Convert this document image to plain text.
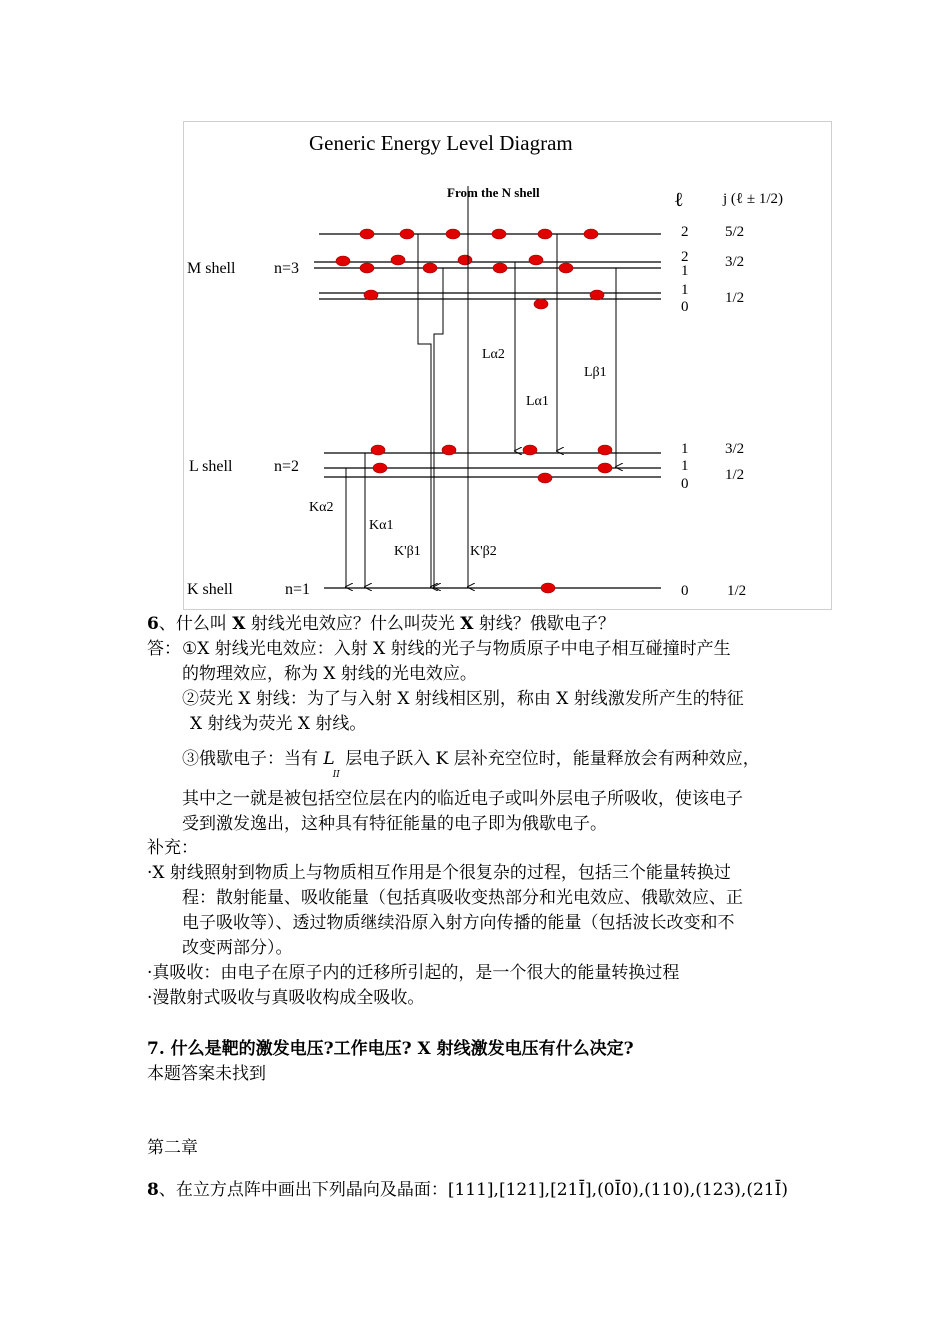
Generic Energy Level Diagram
From the N shell	ℓ	j (ℓ ± 1/2)
M shell n=3
L shell	n=2
K shell	n=1
2 5/2
2 3/2
1
1 1/2
0
1 3/2
1
1/2
0
0	1/2
Lα2
Lβ1
Lα1
Kα2
Kα1
K'β1	K'β2
6、什么叫 X 射线光电效应？什么叫荧光 X 射线？俄歇电子？
答： ①X 射线光电效应：入射 X 射线的光子与物质原子中电子相互碰撞时产生
的物理效应，称为 X 射线的光电效应。
②荧光 X 射线：为了与入射 X 射线相区别，称由 X 射线激发所产生的特征
X 射线为荧光 X 射线。
③俄歇电子：当有 $L_{II}$ 层电子跃入 K 层补充空位时，能量释放会有两种效应，
其中之一就是被包括空位层在内的临近电子或叫外层电子所吸收，使该电子
受到激发逸出，这种具有特征能量的电子即为俄歇电子。
补充：
·X 射线照射到物质上与物质相互作用是个很复杂的过程，包括三个能量转换过
程：散射能量、吸收能量（包括真吸收变热部分和光电效应、俄歇效应、正
电子吸收等）、透过物质继续沿原入射方向传播的能量（包括波长改变和不
改变两部分）。
·真吸收：由电子在原子内的迁移所引起的，是一个很大的能量转换过程
·漫散射式吸收与真吸收构成全吸收。
7. 什么是靶的激发电压?工作电压? X 射线激发电压有什么决定?
本题答案未找到
第二章
8、在立方点阵中画出下列晶向及晶面：[111],[121],[21Ī],(0Ī0),(110),(123),(21Ī)
